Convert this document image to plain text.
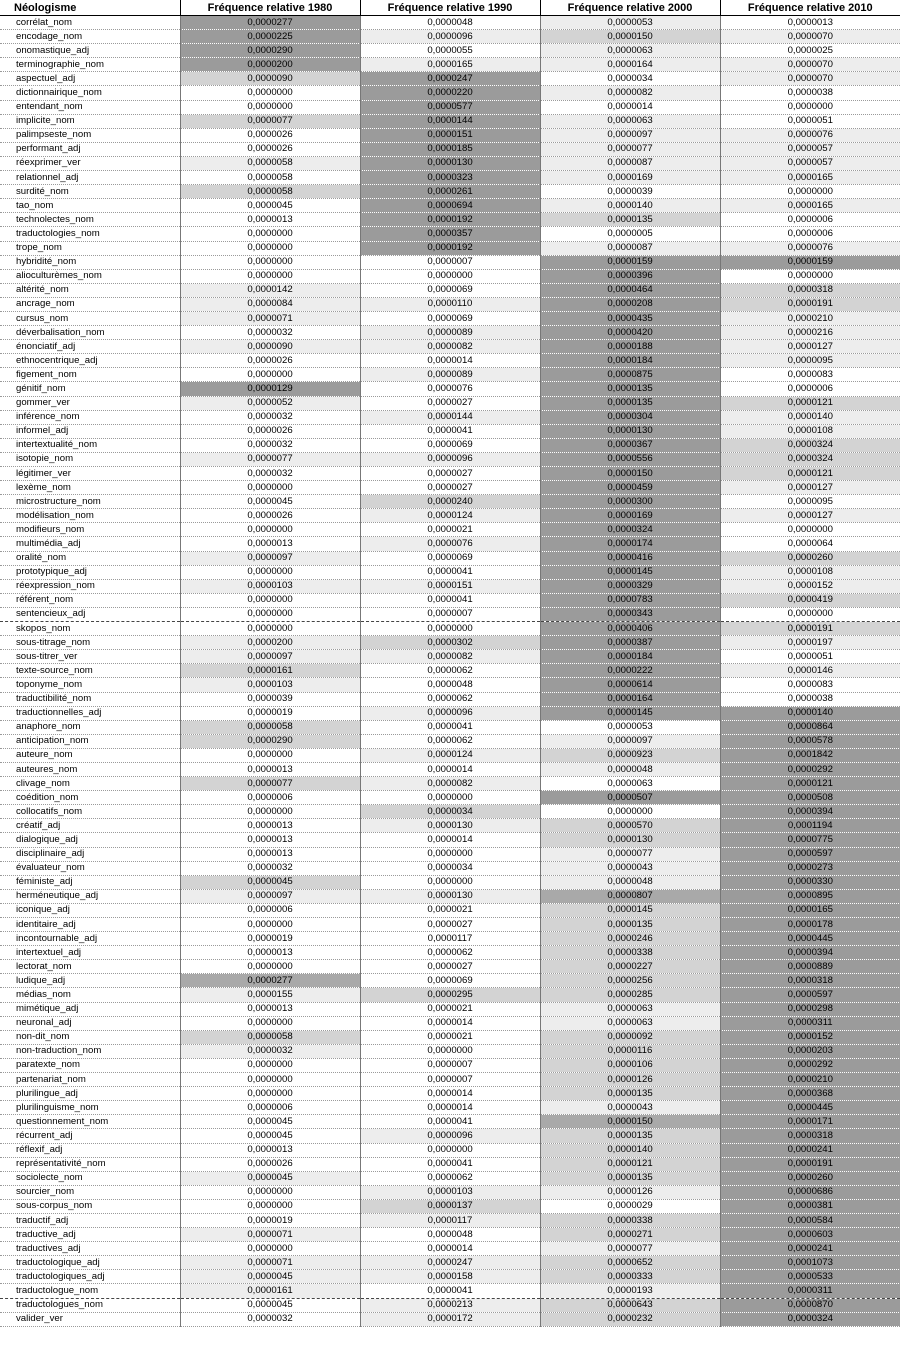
Néologisme	Fréquence relative 1980	Fréquence relative 1990	Fréquence relative 2000	Fréquence relative 2010
corrélat_nom	0,0000277	0,0000048	0,0000053	0,0000013
encodage_nom	0,0000225	0,0000096	0,0000150	0,0000070
onomastique_adj	0,0000290	0,0000055	0,0000063	0,0000025
terminographie_nom	0,0000200	0,0000165	0,0000164	0,0000070
aspectuel_adj	0,0000090	0,0000247	0,0000034	0,0000070
dictionnairique_nom	0,0000000	0,0000220	0,0000082	0,0000038
entendant_nom	0,0000000	0,0000577	0,0000014	0,0000000
implicite_nom	0,0000077	0,0000144	0,0000063	0,0000051
palimpseste_nom	0,0000026	0,0000151	0,0000097	0,0000076
performant_adj	0,0000026	0,0000185	0,0000077	0,0000057
réexprimer_ver	0,0000058	0,0000130	0,0000087	0,0000057
relationnel_adj	0,0000058	0,0000323	0,0000169	0,0000165
surdité_nom	0,0000058	0,0000261	0,0000039	0,0000000
tao_nom	0,0000045	0,0000694	0,0000140	0,0000165
technolectes_nom	0,0000013	0,0000192	0,0000135	0,0000006
traductologies_nom	0,0000000	0,0000357	0,0000005	0,0000006
trope_nom	0,0000000	0,0000192	0,0000087	0,0000076
hybridité_nom	0,0000000	0,0000007	0,0000159	0,0000159
alioculturèmes_nom	0,0000000	0,0000000	0,0000396	0,0000000
altérité_nom	0,0000142	0,0000069	0,0000464	0,0000318
ancrage_nom	0,0000084	0,0000110	0,0000208	0,0000191
cursus_nom	0,0000071	0,0000069	0,0000435	0,0000210
déverbalisation_nom	0,0000032	0,0000089	0,0000420	0,0000216
énonciatif_adj	0,0000090	0,0000082	0,0000188	0,0000127
ethnocentrique_adj	0,0000026	0,0000014	0,0000184	0,0000095
figement_nom	0,0000000	0,0000089	0,0000875	0,0000083
génitif_nom	0,0000129	0,0000076	0,0000135	0,0000006
gommer_ver	0,0000052	0,0000027	0,0000135	0,0000121
inférence_nom	0,0000032	0,0000144	0,0000304	0,0000140
informel_adj	0,0000026	0,0000041	0,0000130	0,0000108
intertextualité_nom	0,0000032	0,0000069	0,0000367	0,0000324
isotopie_nom	0,0000077	0,0000096	0,0000556	0,0000324
légitimer_ver	0,0000032	0,0000027	0,0000150	0,0000121
lexème_nom	0,0000000	0,0000027	0,0000459	0,0000127
microstructure_nom	0,0000045	0,0000240	0,0000300	0,0000095
modélisation_nom	0,0000026	0,0000124	0,0000169	0,0000127
modifieurs_nom	0,0000000	0,0000021	0,0000324	0,0000000
multimédia_adj	0,0000013	0,0000076	0,0000174	0,0000064
oralité_nom	0,0000097	0,0000069	0,0000416	0,0000260
prototypique_adj	0,0000000	0,0000041	0,0000145	0,0000108
réexpression_nom	0,0000103	0,0000151	0,0000329	0,0000152
référent_nom	0,0000000	0,0000041	0,0000783	0,0000419
sentencieux_adj	0,0000000	0,0000007	0,0000343	0,0000000
skopos_nom	0,0000000	0,0000000	0,0000406	0,0000191
sous-titrage_nom	0,0000200	0,0000302	0,0000387	0,0000197
sous-titrer_ver	0,0000097	0,0000082	0,0000184	0,0000051
texte-source_nom	0,0000161	0,0000062	0,0000222	0,0000146
toponyme_nom	0,0000103	0,0000048	0,0000614	0,0000083
traductibilité_nom	0,0000039	0,0000062	0,0000164	0,0000038
traductionnelles_adj	0,0000019	0,0000096	0,0000145	0,0000140
anaphore_nom	0,0000058	0,0000041	0,0000053	0,0000864
anticipation_nom	0,0000290	0,0000062	0,0000097	0,0000578
auteure_nom	0,0000000	0,0000124	0,0000923	0,0001842
auteures_nom	0,0000013	0,0000014	0,0000048	0,0000292
clivage_nom	0,0000077	0,0000082	0,0000063	0,0000121
coédition_nom	0,0000006	0,0000000	0,0000507	0,0000508
collocatifs_nom	0,0000000	0,0000034	0,0000000	0,0000394
créatif_adj	0,0000013	0,0000130	0,0000570	0,0001194
dialogique_adj	0,0000013	0,0000014	0,0000130	0,0000775
disciplinaire_adj	0,0000013	0,0000000	0,0000077	0,0000597
évaluateur_nom	0,0000032	0,0000034	0,0000043	0,0000273
féministe_adj	0,0000045	0,0000000	0,0000048	0,0000330
herméneutique_adj	0,0000097	0,0000130	0,0000807	0,0000895
iconique_adj	0,0000006	0,0000021	0,0000145	0,0000165
identitaire_adj	0,0000000	0,0000027	0,0000135	0,0000178
incontournable_adj	0,0000019	0,0000117	0,0000246	0,0000445
intertextuel_adj	0,0000013	0,0000062	0,0000338	0,0000394
lectorat_nom	0,0000000	0,0000027	0,0000227	0,0000889
ludique_adj	0,0000277	0,0000069	0,0000256	0,0000318
médias_nom	0,0000155	0,0000295	0,0000285	0,0000597
mimétique_adj	0,0000013	0,0000021	0,0000063	0,0000298
neuronal_adj	0,0000000	0,0000014	0,0000063	0,0000311
non-dit_nom	0,0000058	0,0000021	0,0000092	0,0000152
non-traduction_nom	0,0000032	0,0000000	0,0000116	0,0000203
paratexte_nom	0,0000000	0,0000007	0,0000106	0,0000292
partenariat_nom	0,0000000	0,0000007	0,0000126	0,0000210
plurilingue_adj	0,0000000	0,0000014	0,0000135	0,0000368
plurilinguisme_nom	0,0000006	0,0000014	0,0000043	0,0000445
questionnement_nom	0,0000045	0,0000041	0,0000150	0,0000171
récurrent_adj	0,0000045	0,0000096	0,0000135	0,0000318
réflexif_adj	0,0000013	0,0000000	0,0000140	0,0000241
représentativité_nom	0,0000026	0,0000041	0,0000121	0,0000191
sociolecte_nom	0,0000045	0,0000062	0,0000135	0,0000260
sourcier_nom	0,0000000	0,0000103	0,0000126	0,0000686
sous-corpus_nom	0,0000000	0,0000137	0,0000029	0,0000381
traductif_adj	0,0000019	0,0000117	0,0000338	0,0000584
traductive_adj	0,0000071	0,0000048	0,0000271	0,0000603
traductives_adj	0,0000000	0,0000014	0,0000077	0,0000241
traductologique_adj	0,0000071	0,0000247	0,0000652	0,0001073
traductologiques_adj	0,0000045	0,0000158	0,0000333	0,0000533
traductologue_nom	0,0000161	0,0000041	0,0000193	0,0000311
traductologues_nom	0,0000045	0,0000213	0,0000643	0,0000870
valider_ver	0,0000032	0,0000172	0,0000232	0,0000324
